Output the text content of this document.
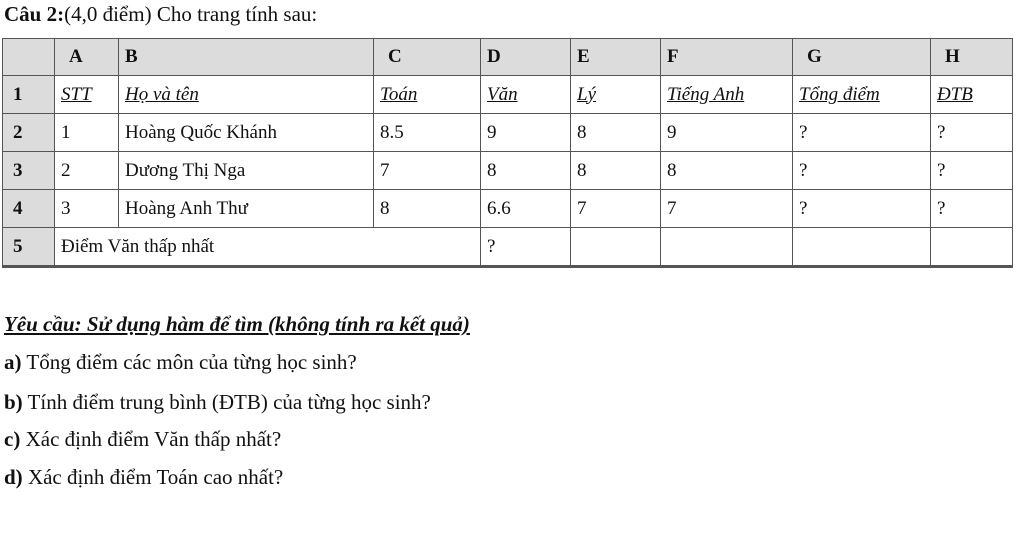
Câu 2:(4,0 điểm) Cho trang tính sau:
	A	B	C	D	E	F	G	H
1	STT	Họ và tên	Toán	Văn	Lý	Tiếng Anh	Tổng điểm	ĐTB
2	1	Hoàng Quốc Khánh	8.5	9	8	9	?	?
3	2	Dương Thị Nga	7	8	8	8	?	?
4	3	Hoàng Anh Thư	8	6.6	7	7	?	?
5	Điểm Văn thấp nhất			?				
Yêu cầu: Sử dụng hàm để tìm (không tính ra kết quả)
a) Tổng điểm các môn của từng học sinh?
b) Tính điểm trung bình (ĐTB) của từng học sinh?
c) Xác định điểm Văn thấp nhất?
d) Xác định điểm Toán cao nhất?
